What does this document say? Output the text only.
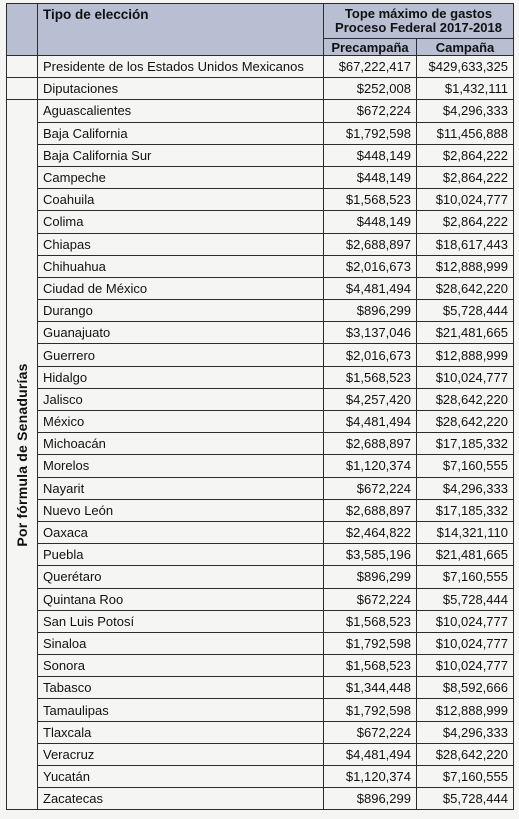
	Tipo de elección	Tope máximo de gastos
Proceso Federal 2017-2018	

		Precampaña	Campaña
	Presidente de los Estados Unidos Mexicanos	$67,222,417	$429,633,325
	Diputaciones	$252,008	$1,432,111

Por fórmula de Senadurías	Aguascalientes	$672,224	$4,296,333
	Baja California	$1,792,598	$11,456,888
	Baja California Sur	$448,149	$2,864,222
	Campeche	$448,149	$2,864,222
	Coahuila	$1,568,523	$10,024,777
	Colima	$448,149	$2,864,222
	Chiapas	$2,688,897	$18,617,443
	Chihuahua	$2,016,673	$12,888,999
	Ciudad de México	$4,481,494	$28,642,220
	Durango	$896,299	$5,728,444
	Guanajuato	$3,137,046	$21,481,665
	Guerrero	$2,016,673	$12,888,999
	Hidalgo	$1,568,523	$10,024,777
	Jalisco	$4,257,420	$28,642,220
	México	$4,481,494	$28,642,220
	Michoacán	$2,688,897	$17,185,332
	Morelos	$1,120,374	$7,160,555
	Nayarit	$672,224	$4,296,333
	Nuevo León	$2,688,897	$17,185,332
	Oaxaca	$2,464,822	$14,321,110
	Puebla	$3,585,196	$21,481,665
	Querétaro	$896,299	$7,160,555
	Quintana Roo	$672,224	$5,728,444
	San Luis Potosí	$1,568,523	$10,024,777
	Sinaloa	$1,792,598	$10,024,777
	Sonora	$1,568,523	$10,024,777
	Tabasco	$1,344,448	$8,592,666
	Tamaulipas	$1,792,598	$12,888,999
	Tlaxcala	$672,224	$4,296,333
	Veracruz	$4,481,494	$28,642,220
	Yucatán	$1,120,374	$7,160,555
	Zacatecas	$896,299	$5,728,444
